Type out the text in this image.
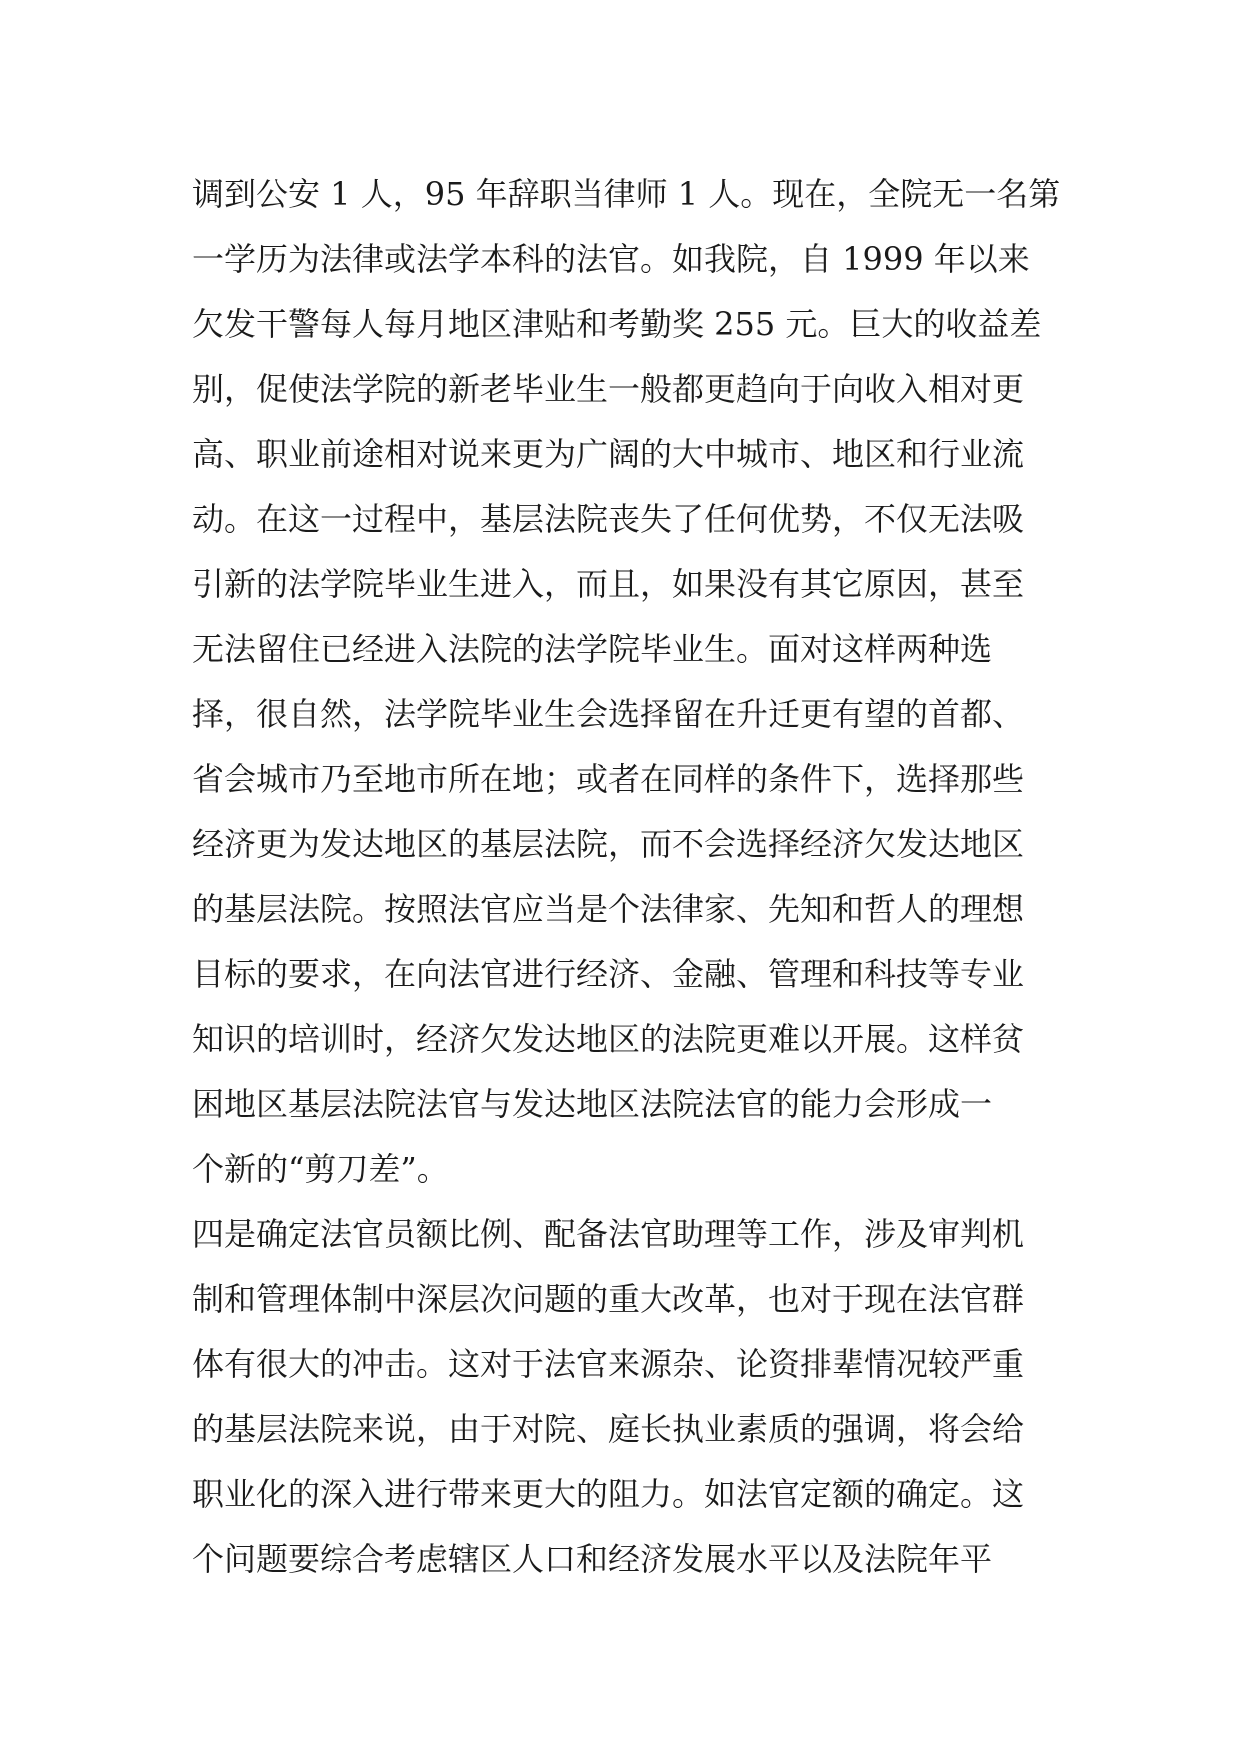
调到公安 1 人，95 年辞职当律师 1 人。现在，全院无一名第
一学历为法律或法学本科的法官。如我院，自 1999 年以来
欠发干警每人每月地区津贴和考勤奖 255 元。巨大的收益差
别，促使法学院的新老毕业生一般都更趋向于向收入相对更
高、职业前途相对说来更为广阔的大中城市、地区和行业流
动。在这一过程中，基层法院丧失了任何优势，不仅无法吸
引新的法学院毕业生进入，而且，如果没有其它原因，甚至
无法留住已经进入法院的法学院毕业生。面对这样两种选
择，很自然，法学院毕业生会选择留在升迁更有望的首都、
省会城市乃至地市所在地；或者在同样的条件下，选择那些
经济更为发达地区的基层法院，而不会选择经济欠发达地区
的基层法院。按照法官应当是个法律家、先知和哲人的理想
目标的要求，在向法官进行经济、金融、管理和科技等专业
知识的培训时，经济欠发达地区的法院更难以开展。这样贫
困地区基层法院法官与发达地区法院法官的能力会形成一
个新的“剪刀差”。
四是确定法官员额比例、配备法官助理等工作，涉及审判机
制和管理体制中深层次问题的重大改革，也对于现在法官群
体有很大的冲击。这对于法官来源杂、论资排辈情况较严重
的基层法院来说，由于对院、庭长执业素质的强调，将会给
职业化的深入进行带来更大的阻力。如法官定额的确定。这
个问题要综合考虑辖区人口和经济发展水平以及法院年平
